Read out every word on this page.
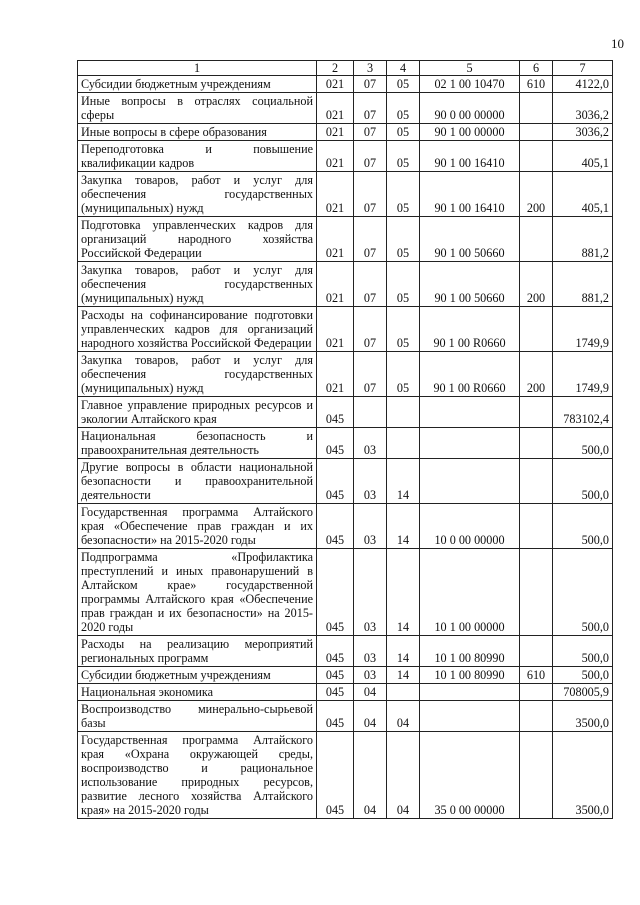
10
1	2	3	4	5	6	7
Субсидии бюджетным учреждениям	021	07	05	02 1 00 10470	610	4122,0
Иные вопросы в отраслях социальной сферы	021	07	05	90 0 00 00000		3036,2
Иные вопросы в сфере образования	021	07	05	90 1 00 00000		3036,2
Переподготовка и повышение квалификации кадров	021	07	05	90 1 00 16410		405,1
Закупка товаров, работ и услуг для обеспечения государственных (муниципальных) нужд	021	07	05	90 1 00 16410	200	405,1
Подготовка управленческих кадров для организаций народного хозяйства Российской Федерации	021	07	05	90 1 00 50660		881,2
Закупка товаров, работ и услуг для обеспечения государственных (муниципальных) нужд	021	07	05	90 1 00 50660	200	881,2
Расходы на софинансирование подготовки управленческих кадров для организаций народного хозяйства Российской Федерации	021	07	05	90 1 00 R0660		1749,9
Закупка товаров, работ и услуг для обеспечения государственных (муниципальных) нужд	021	07	05	90 1 00 R0660	200	1749,9
Главное управление природных ресурсов и экологии Алтайского края	045					783102,4
Национальная безопасность и правоохранительная деятельность	045	03				500,0
Другие вопросы в области национальной безопасности и правоохранительной деятельности	045	03	14			500,0
Государственная программа Алтайского края «Обеспечение прав граждан и их безопасности» на 2015-2020 годы	045	03	14	10 0 00 00000		500,0
Подпрограмма «Профилактика преступлений и иных правонарушений в Алтайском крае» государственной программы Алтайского края «Обеспечение прав граждан и их безопасности» на 2015-2020 годы	045	03	14	10 1 00 00000		500,0
Расходы на реализацию мероприятий региональных программ	045	03	14	10 1 00 80990		500,0
Субсидии бюджетным учреждениям	045	03	14	10 1 00 80990	610	500,0
Национальная экономика	045	04				708005,9
Воспроизводство минерально-сырьевой базы	045	04	04			3500,0
Государственная программа Алтайского края «Охрана окружающей среды, воспроизводство и рациональное использование природных ресурсов, развитие лесного хозяйства Алтайского края» на 2015-2020 годы	045	04	04	35 0 00 00000		3500,0
